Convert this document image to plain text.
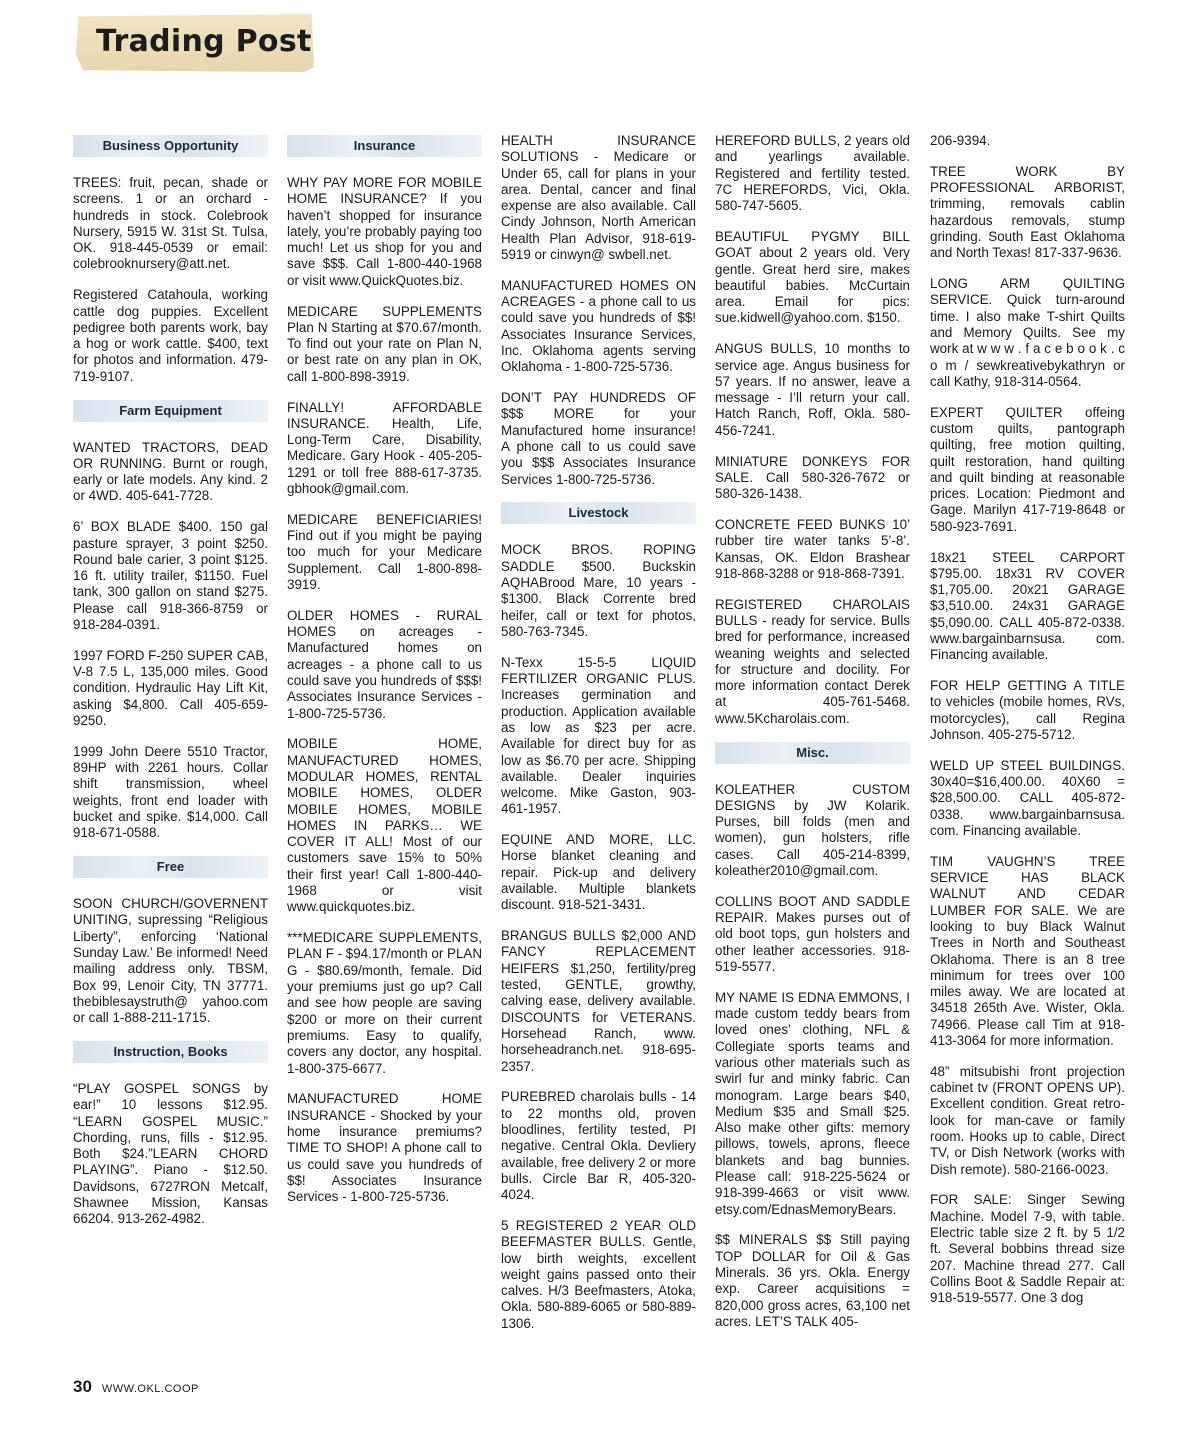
Trading Post
Business Opportunity

TREES: fruit, pecan, shade or screens. 1 or an orchard - hundreds in stock. Colebrook Nursery, 5915 W. 31st St. Tulsa, OK. 918-445-0539 or email: colebrooknursery@att.net.

Registered Catahoula, working cattle dog puppies. Excellent pedigree both parents work, bay a hog or work cattle. $400, text for photos and information. 479-719-9107.

Farm Equipment

WANTED TRACTORS, DEAD OR RUNNING. Burnt or rough, early or late models. Any kind. 2 or 4WD. 405-641-7728.

6’ BOX BLADE $400. 150 gal pasture sprayer, 3 point $250. Round bale carier, 3 point $125. 16 ft. utility trailer, $1150. Fuel tank, 300 gallon on stand $275. Please call 918-366-8759 or 918-284-0391.

1997 FORD F-250 SUPER CAB, V-8 7.5 L, 135,000 miles. Good condition. Hydraulic Hay Lift Kit, asking $4,800. Call 405-659-9250.

1999 John Deere 5510 Tractor, 89HP with 2261 hours. Collar shift transmission, wheel weights, front end loader with bucket and spike. $14,000. Call 918-671-0588.

Free

SOON CHURCH/GOVERNENT UNITING, supressing “Religious Liberty”, enforcing ‘National Sunday Law.’ Be informed! Need mailing address only. TBSM, Box 99, Lenoir City, TN 37771. thebiblesaystruth@ yahoo.com or call 1-888-211-1715.

Instruction, Books

“PLAY GOSPEL SONGS by ear!” 10 lessons $12.95. “LEARN GOSPEL MUSIC.” Chording, runs, fills - $12.95. Both $24.”LEARN CHORD PLAYING”. Piano - $12.50. Davidsons, 6727RON Metcalf, Shawnee Mission, Kansas 66204. 913-262-4982.

Insurance

WHY PAY MORE FOR MOBILE HOME INSURANCE? If you haven’t shopped for insurance lately, you’re probably paying too much! Let us shop for you and save $$$. Call 1-800-440-1968 or visit www.QuickQuotes.biz.

MEDICARE SUPPLEMENTS Plan N Starting at $70.67/month. To find out your rate on Plan N, or best rate on any plan in OK, call 1-800-898-3919.

FINALLY! AFFORDABLE INSURANCE. Health, Life, Long-Term Care, Disability, Medicare. Gary Hook - 405-205-1291 or toll free 888-617-3735. gbhook@gmail.com.

MEDICARE BENEFICIARIES! Find out if you might be paying too much for your Medicare Supplement. Call 1-800-898-3919.

OLDER HOMES - RURAL HOMES on acreages - Manufactured homes on acreages - a phone call to us could save you hundreds of $$$! Associates Insurance Services - 1-800-725-5736.

MOBILE HOME, MANUFACTURED HOMES, MODULAR HOMES, RENTAL MOBILE HOMES, OLDER MOBILE HOMES, MOBILE HOMES IN PARKS… WE COVER IT ALL! Most of our customers save 15% to 50% their first year! Call 1-800-440-1968 or visit www.quickquotes.biz.

***MEDICARE SUPPLEMENTS, PLAN F - $94.17/month or PLAN G - $80.69/month, female. Did your premiums just go up? Call and see how people are saving $200 or more on their current premiums. Easy to qualify, covers any doctor, any hospital. 1-800-375-6677.

MANUFACTURED HOME INSURANCE - Shocked by your home insurance premiums? TIME TO SHOP! A phone call to us could save you hundreds of $$! Associates Insurance Services - 1-800-725-5736.

HEALTH INSURANCE SOLUTIONS - Medicare or Under 65, call for plans in your area. Dental, cancer and final expense are also available. Call Cindy Johnson, North American Health Plan Advisor, 918-619-5919 or cinwyn@ swbell.net.

MANUFACTURED HOMES ON ACREAGES - a phone call to us could save you hundreds of $$! Associates Insurance Services, Inc. Oklahoma agents serving Oklahoma - 1-800-725-5736.

DON’T PAY HUNDREDS OF $$$ MORE for your Manufactured home insurance! A phone call to us could save you $$$ Associates Insurance Services 1-800-725-5736.

Livestock

MOCK BROS. ROPING SADDLE $500. Buckskin AQHABrood Mare, 10 years - $1300. Black Corrente bred heifer, call or text for photos, 580-763-7345.

N-Texx 15-5-5 LIQUID FERTILIZER ORGANIC PLUS. Increases germination and production. Application available as low as $23 per acre. Available for direct buy for as low as $6.70 per acre. Shipping available. Dealer inquiries welcome. Mike Gaston, 903-461-1957.

EQUINE AND MORE, LLC. Horse blanket cleaning and repair. Pick-up and delivery available. Multiple blankets discount. 918-521-3431.

BRANGUS BULLS $2,000 AND FANCY REPLACEMENT HEIFERS $1,250, fertility/preg tested, GENTLE, growthy, calving ease, delivery available. DISCOUNTS for VETERANS. Horsehead Ranch, www. horseheadranch.net. 918-695-2357.

PUREBRED charolais bulls - 14 to 22 months old, proven bloodlines, fertility tested, PI negative. Central Okla. Devliery available, free delivery 2 or more bulls. Circle Bar R, 405-320-4024.

5 REGISTERED 2 YEAR OLD BEEFMASTER BULLS. Gentle, low birth weights, excellent weight gains passed onto their calves. H/3 Beefmasters, Atoka, Okla. 580-889-6065 or 580-889-1306.

HEREFORD BULLS, 2 years old and yearlings available. Registered and fertility tested. 7C HEREFORDS, Vici, Okla. 580-747-5605.

BEAUTIFUL PYGMY BILL GOAT about 2 years old. Very gentle. Great herd sire, makes beautiful babies. McCurtain area. Email for pics: sue.kidwell@yahoo.com. $150.

ANGUS BULLS, 10 months to service age. Angus business for 57 years. If no answer, leave a message - I’ll return your call. Hatch Ranch, Roff, Okla. 580-456-7241.

MINIATURE DONKEYS FOR SALE. Call 580-326-7672 or 580-326-1438.

CONCRETE FEED BUNKS 10’ rubber tire water tanks 5’-8’. Kansas, OK. Eldon Brashear 918-868-3288 or 918-868-7391.

REGISTERED CHAROLAIS BULLS - ready for service. Bulls bred for performance, increased weaning weights and selected for structure and docility. For more information contact Derek at 405-761-5468. www.5Kcharolais.com.

Misc.

KOLEATHER CUSTOM DESIGNS by JW Kolarik. Purses, bill folds (men and women), gun holsters, rifle cases. Call 405-214-8399, koleather2010@gmail.com.

COLLINS BOOT AND SADDLE REPAIR. Makes purses out of old boot tops, gun holsters and other leather accessories. 918-519-5577.

MY NAME IS EDNA EMMONS, I made custom teddy bears from loved ones’ clothing, NFL & Collegiate sports teams and various other materials such as swirl fur and minky fabric. Can monogram. Large bears $40, Medium $35 and Small $25. Also make other gifts: memory pillows, towels, aprons, fleece blankets and bag bunnies. Please call: 918-225-5624 or 918-399-4663 or visit www. etsy.com/EdnasMemoryBears.

$$ MINERALS $$ Still paying TOP DOLLAR for Oil & Gas Minerals. 36 yrs. Okla. Energy exp. Career acquisitions = 820,000 gross acres, 63,100 net acres. LET’S TALK 405-

206-9394.

TREE WORK BY PROFESSIONAL ARBORIST, trimming, removals cablin hazardous removals, stump grinding. South East Oklahoma and North Texas! 817-337-9636.

LONG ARM QUILTING SERVICE. Quick turn-around time. I also make T-shirt Quilts and Memory Quilts. See my work at w w w . f a c e b o o k . c o m / sewkreativebykathryn or call Kathy, 918-314-0564.

EXPERT QUILTER offeing custom quilts, pantograph quilting, free motion quilting, quilt restoration, hand quilting and quilt binding at reasonable prices. Location: Piedmont and Gage. Marilyn 417-719-8648 or 580-923-7691.

18x21 STEEL CARPORT $795.00. 18x31 RV COVER $1,705.00. 20x21 GARAGE $3,510.00. 24x31 GARAGE $5,090.00. CALL 405-872-0338. www.bargainbarnsusa. com. Financing available.

FOR HELP GETTING A TITLE to vehicles (mobile homes, RVs, motorcycles), call Regina Johnson. 405-275-5712.

WELD UP STEEL BUILDINGS. 30x40=$16,400.00. 40X60 = $28,500.00. CALL 405-872-0338. www.bargainbarnsusa. com. Financing available.

TIM VAUGHN’S TREE SERVICE HAS BLACK WALNUT AND CEDAR LUMBER FOR SALE. We are looking to buy Black Walnut Trees in North and Southeast Oklahoma. There is an 8 tree minimum for trees over 100 miles away. We are located at 34518 265th Ave. Wister, Okla. 74966. Please call Tim at 918-413-3064 for more information.

48” mitsubishi front projection cabinet tv (FRONT OPENS UP). Excellent condition. Great retro-look for man-cave or family room. Hooks up to cable, Direct TV, or Dish Network (works with Dish remote). 580-2166-0023.

FOR SALE: Singer Sewing Machine. Model 7-9, with table. Electric table size 2 ft. by 5 1/2 ft. Several bobbins thread size 207. Machine thread 277. Call Collins Boot & Saddle Repair at: 918-519-5577. One 3 dog

30 WWW.OKL.COOP
